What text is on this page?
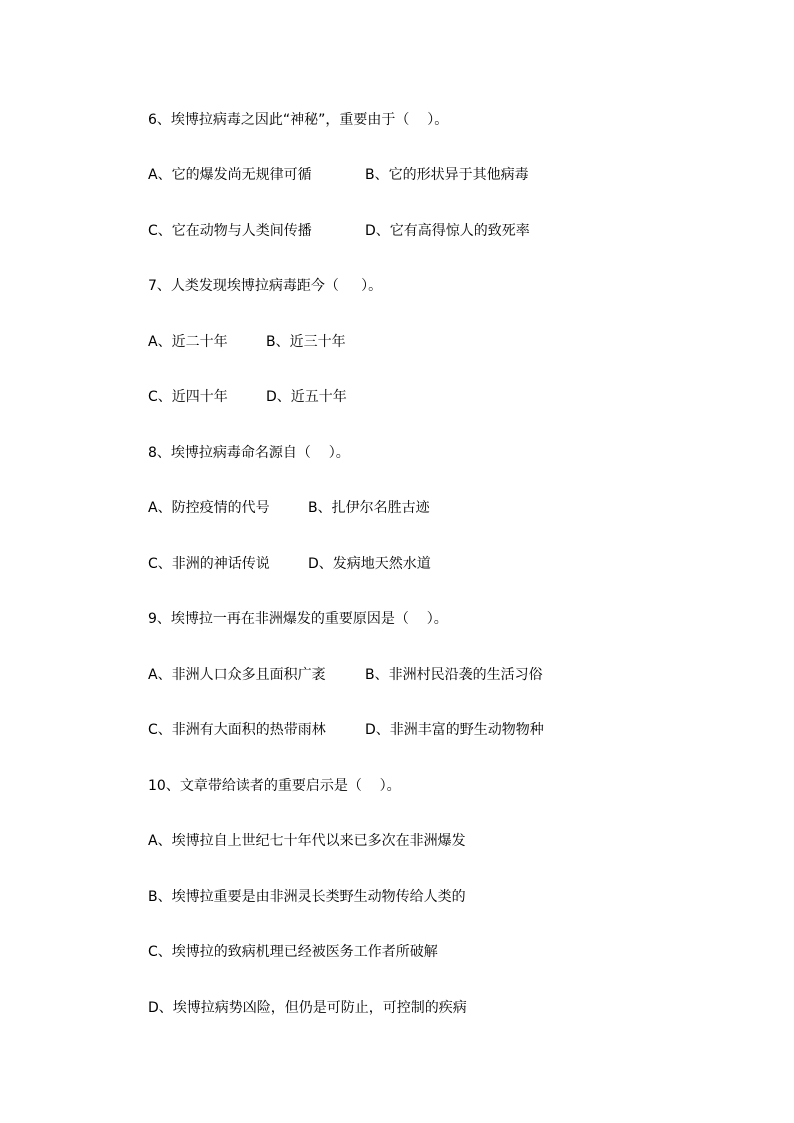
6、埃博拉病毒之因此“神秘”，重要由于（    ）。
A、它的爆发尚无规律可循	B、它的形状异于其他病毒
C、它在动物与人类间传播	D、它有高得惊人的致死率
7、人类发现埃博拉病毒距今（     ）。
A、近二十年	B、近三十年
C、近四十年	D、近五十年
8、埃博拉病毒命名源自（    ）。
A、防控疫情的代号	B、扎伊尔名胜古迹
C、非洲的神话传说	D、发病地天然水道
9、埃博拉一再在非洲爆发的重要原因是（    ）。
A、非洲人口众多且面积广袤	B、非洲村民沿袭的生活习俗
C、非洲有大面积的热带雨林	D、非洲丰富的野生动物物种
10、文章带给读者的重要启示是（    ）。
A、埃博拉自上世纪七十年代以来已多次在非洲爆发
B、埃博拉重要是由非洲灵长类野生动物传给人类的
C、埃博拉的致病机理已经被医务工作者所破解
D、埃博拉病势凶险，但仍是可防止，可控制的疾病
